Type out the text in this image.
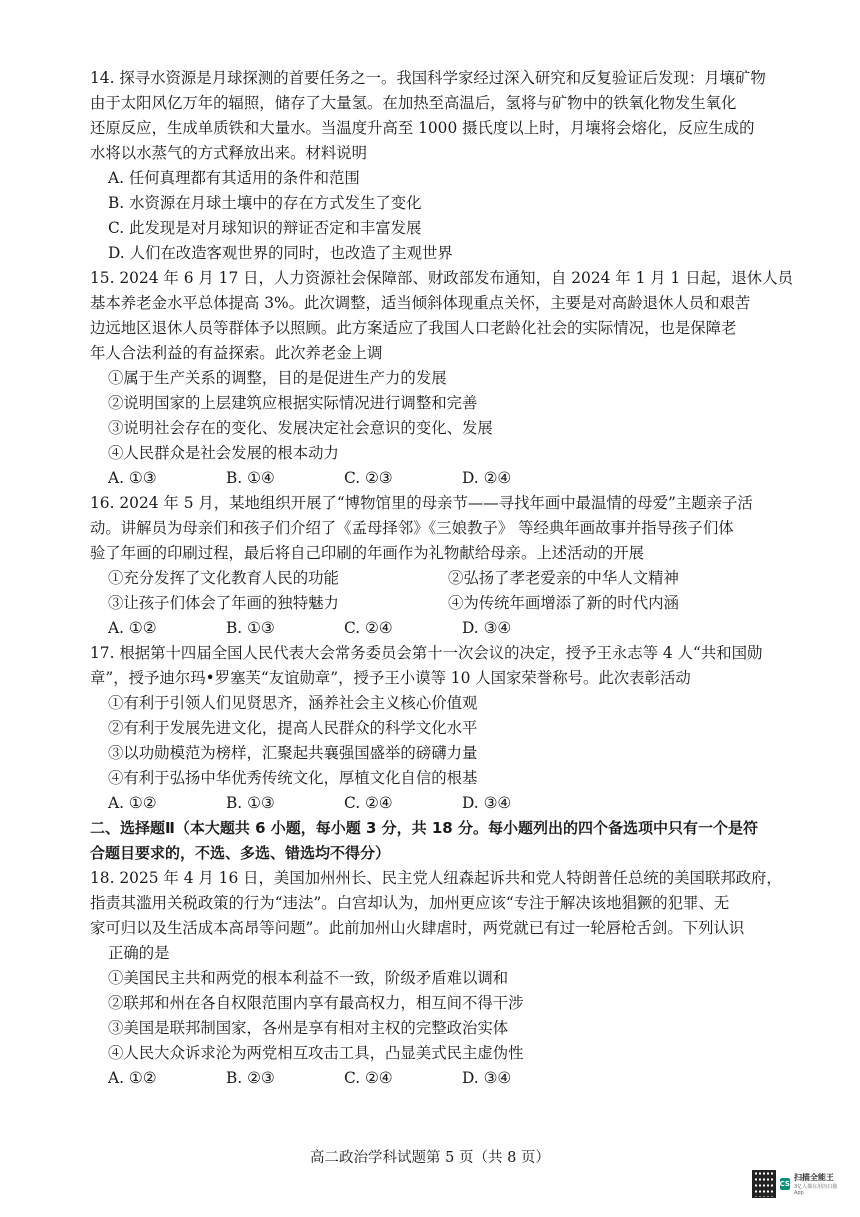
14. 探寻水资源是月球探测的首要任务之一。我国科学家经过深入研究和反复验证后发现：月壤矿物

由于太阳风亿万年的辐照，储存了大量氢。在加热至高温后，氢将与矿物中的铁氧化物发生氧化

还原反应，生成单质铁和大量水。当温度升高至 1000 摄氏度以上时，月壤将会熔化，反应生成的

水将以水蒸气的方式释放出来。材料说明

A. 任何真理都有其适用的条件和范围

B. 水资源在月球土壤中的存在方式发生了变化

C. 此发现是对月球知识的辩证否定和丰富发展

D. 人们在改造客观世界的同时，也改造了主观世界

15. 2024 年 6 月 17 日，人力资源社会保障部、财政部发布通知，自 2024 年 1 月 1 日起，退休人员

基本养老金水平总体提高 3%。此次调整，适当倾斜体现重点关怀，主要是对高龄退休人员和艰苦

边远地区退休人员等群体予以照顾。此方案适应了我国人口老龄化社会的实际情况，也是保障老

年人合法利益的有益探索。此次养老金上调

①属于生产关系的调整，目的是促进生产力的发展

②说明国家的上层建筑应根据实际情况进行调整和完善

③说明社会存在的变化、发展决定社会意识的变化、发展

④人民群众是社会发展的根本动力

A. ①③	B. ①④	C. ②③	D. ②④

16. 2024 年 5 月，某地组织开展了“博物馆里的母亲节——寻找年画中最温情的母爱”主题亲子活

动。讲解员为母亲们和孩子们介绍了《孟母择邻》《三娘教子》 等经典年画故事并指导孩子们体

验了年画的印刷过程，最后将自己印刷的年画作为礼物献给母亲。上述活动的开展

①充分发挥了文化教育人民的功能	②弘扬了孝老爱亲的中华人文精神
③让孩子们体会了年画的独特魅力	④为传统年画增添了新的时代内涵
A. ①②	B. ①③	C. ②④	D. ③④

17. 根据第十四届全国人民代表大会常务委员会第十一次会议的决定，授予王永志等 4 人“共和国勋

章”，授予迪尔玛•罗塞芙“友谊勋章”，授予王小谟等 10 人国家荣誉称号。此次表彰活动

①有利于引领人们见贤思齐，涵养社会主义核心价值观

②有利于发展先进文化，提高人民群众的科学文化水平

③以功勋模范为榜样，汇聚起共襄强国盛举的磅礴力量

④有利于弘扬中华优秀传统文化，厚植文化自信的根基

A. ①②	B. ①③	C. ②④	D. ③④

二、选择题Ⅱ（本大题共 6 小题，每小题 3 分，共 18 分。每小题列出的四个备选项中只有一个是符

合题目要求的，不选、多选、错选均不得分）

18. 2025 年 4 月 16 日，美国加州州长、民主党人纽森起诉共和党人特朗普任总统的美国联邦政府，

指责其滥用关税政策的行为“违法”。白宫却认为，加州更应该“专注于解决该地猖獗的犯罪、无

家可归以及生活成本高昂等问题”。此前加州山火肆虐时，两党就已有过一轮唇枪舌剑。下列认识

正确的是

①美国民主共和两党的根本利益不一致，阶级矛盾难以调和

②联邦和州在各自权限范围内享有最高权力，相互间不得干涉

③美国是联邦制国家，各州是享有相对主权的完整政治实体

④人民大众诉求沦为两党相互攻击工具，凸显美式民主虚伪性

A. ①②	B. ②③	C. ②④	D. ③④
高二政治学科试题第 5 页（共 8 页）
CS
扫描全能王
3亿人都在用的扫描App
